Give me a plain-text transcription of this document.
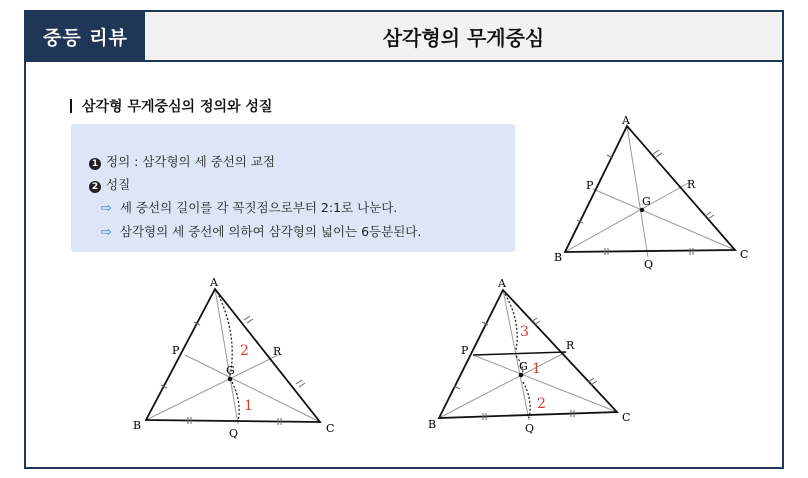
중등 리뷰	삼각형의 무게중심
삼각형 무게중심의 정의와 성질
1 정의 : 삼각형의 세 중선의 교점
2 성질
⇨ 세 중선의 길이를 각 꼭짓점으로부터 2:1로 나눈다.
⇨ 삼각형의 세 중선에 의하여 삼각형의 넓이는 6등분된다.
A
B	C
P	R
Q
G
A
B	C
P	R
Q
G
2
1
A
B
C
P	R
Q
G
3
1
2
